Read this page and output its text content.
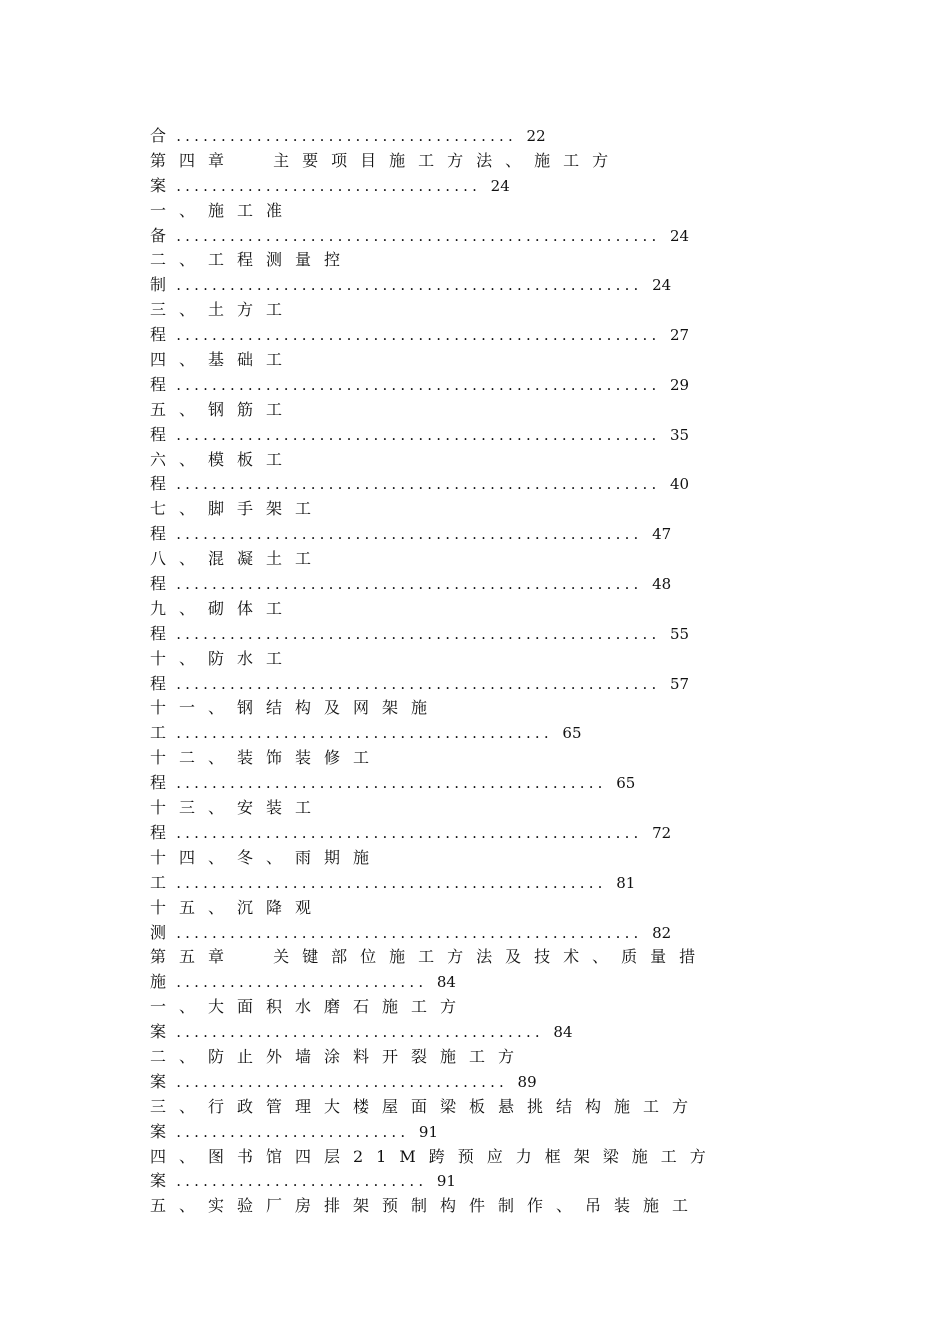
合  ......................................  22
第四章  主要项目施工方法、施工方
案  ..................................  24
一、施工准
备  ......................................................  24
二、工程测量控
制  ....................................................  24
三、土方工
程  ......................................................  27
四、基础工
程  ......................................................  29
五、钢筋工
程  ......................................................  35
六、模板工
程  ......................................................  40
七、脚手架工
程  ....................................................  47
八、混凝土工
程  ....................................................  48
九、砌体工
程  ......................................................  55
十、防水工
程  ......................................................  57
十一、钢结构及网架施
工  ..........................................  65
十二、装饰装修工
程  ................................................  65
十三、安装工
程  ....................................................  72
十四、冬、雨期施
工  ................................................  81
十五、沉降观
测  ....................................................  82
第五章  关键部位施工方法及技术、质量措
施  ............................  84
一、大面积水磨石施工方
案  .........................................  84
二、防止外墙涂料开裂施工方
案  .....................................  89
三、行政管理大楼屋面梁板悬挑结构施工方
案  ..........................  91
四、图书馆四层21M跨预应力框架梁施工方
案  ............................  91
五、实验厂房排架预制构件制作、吊装施工
